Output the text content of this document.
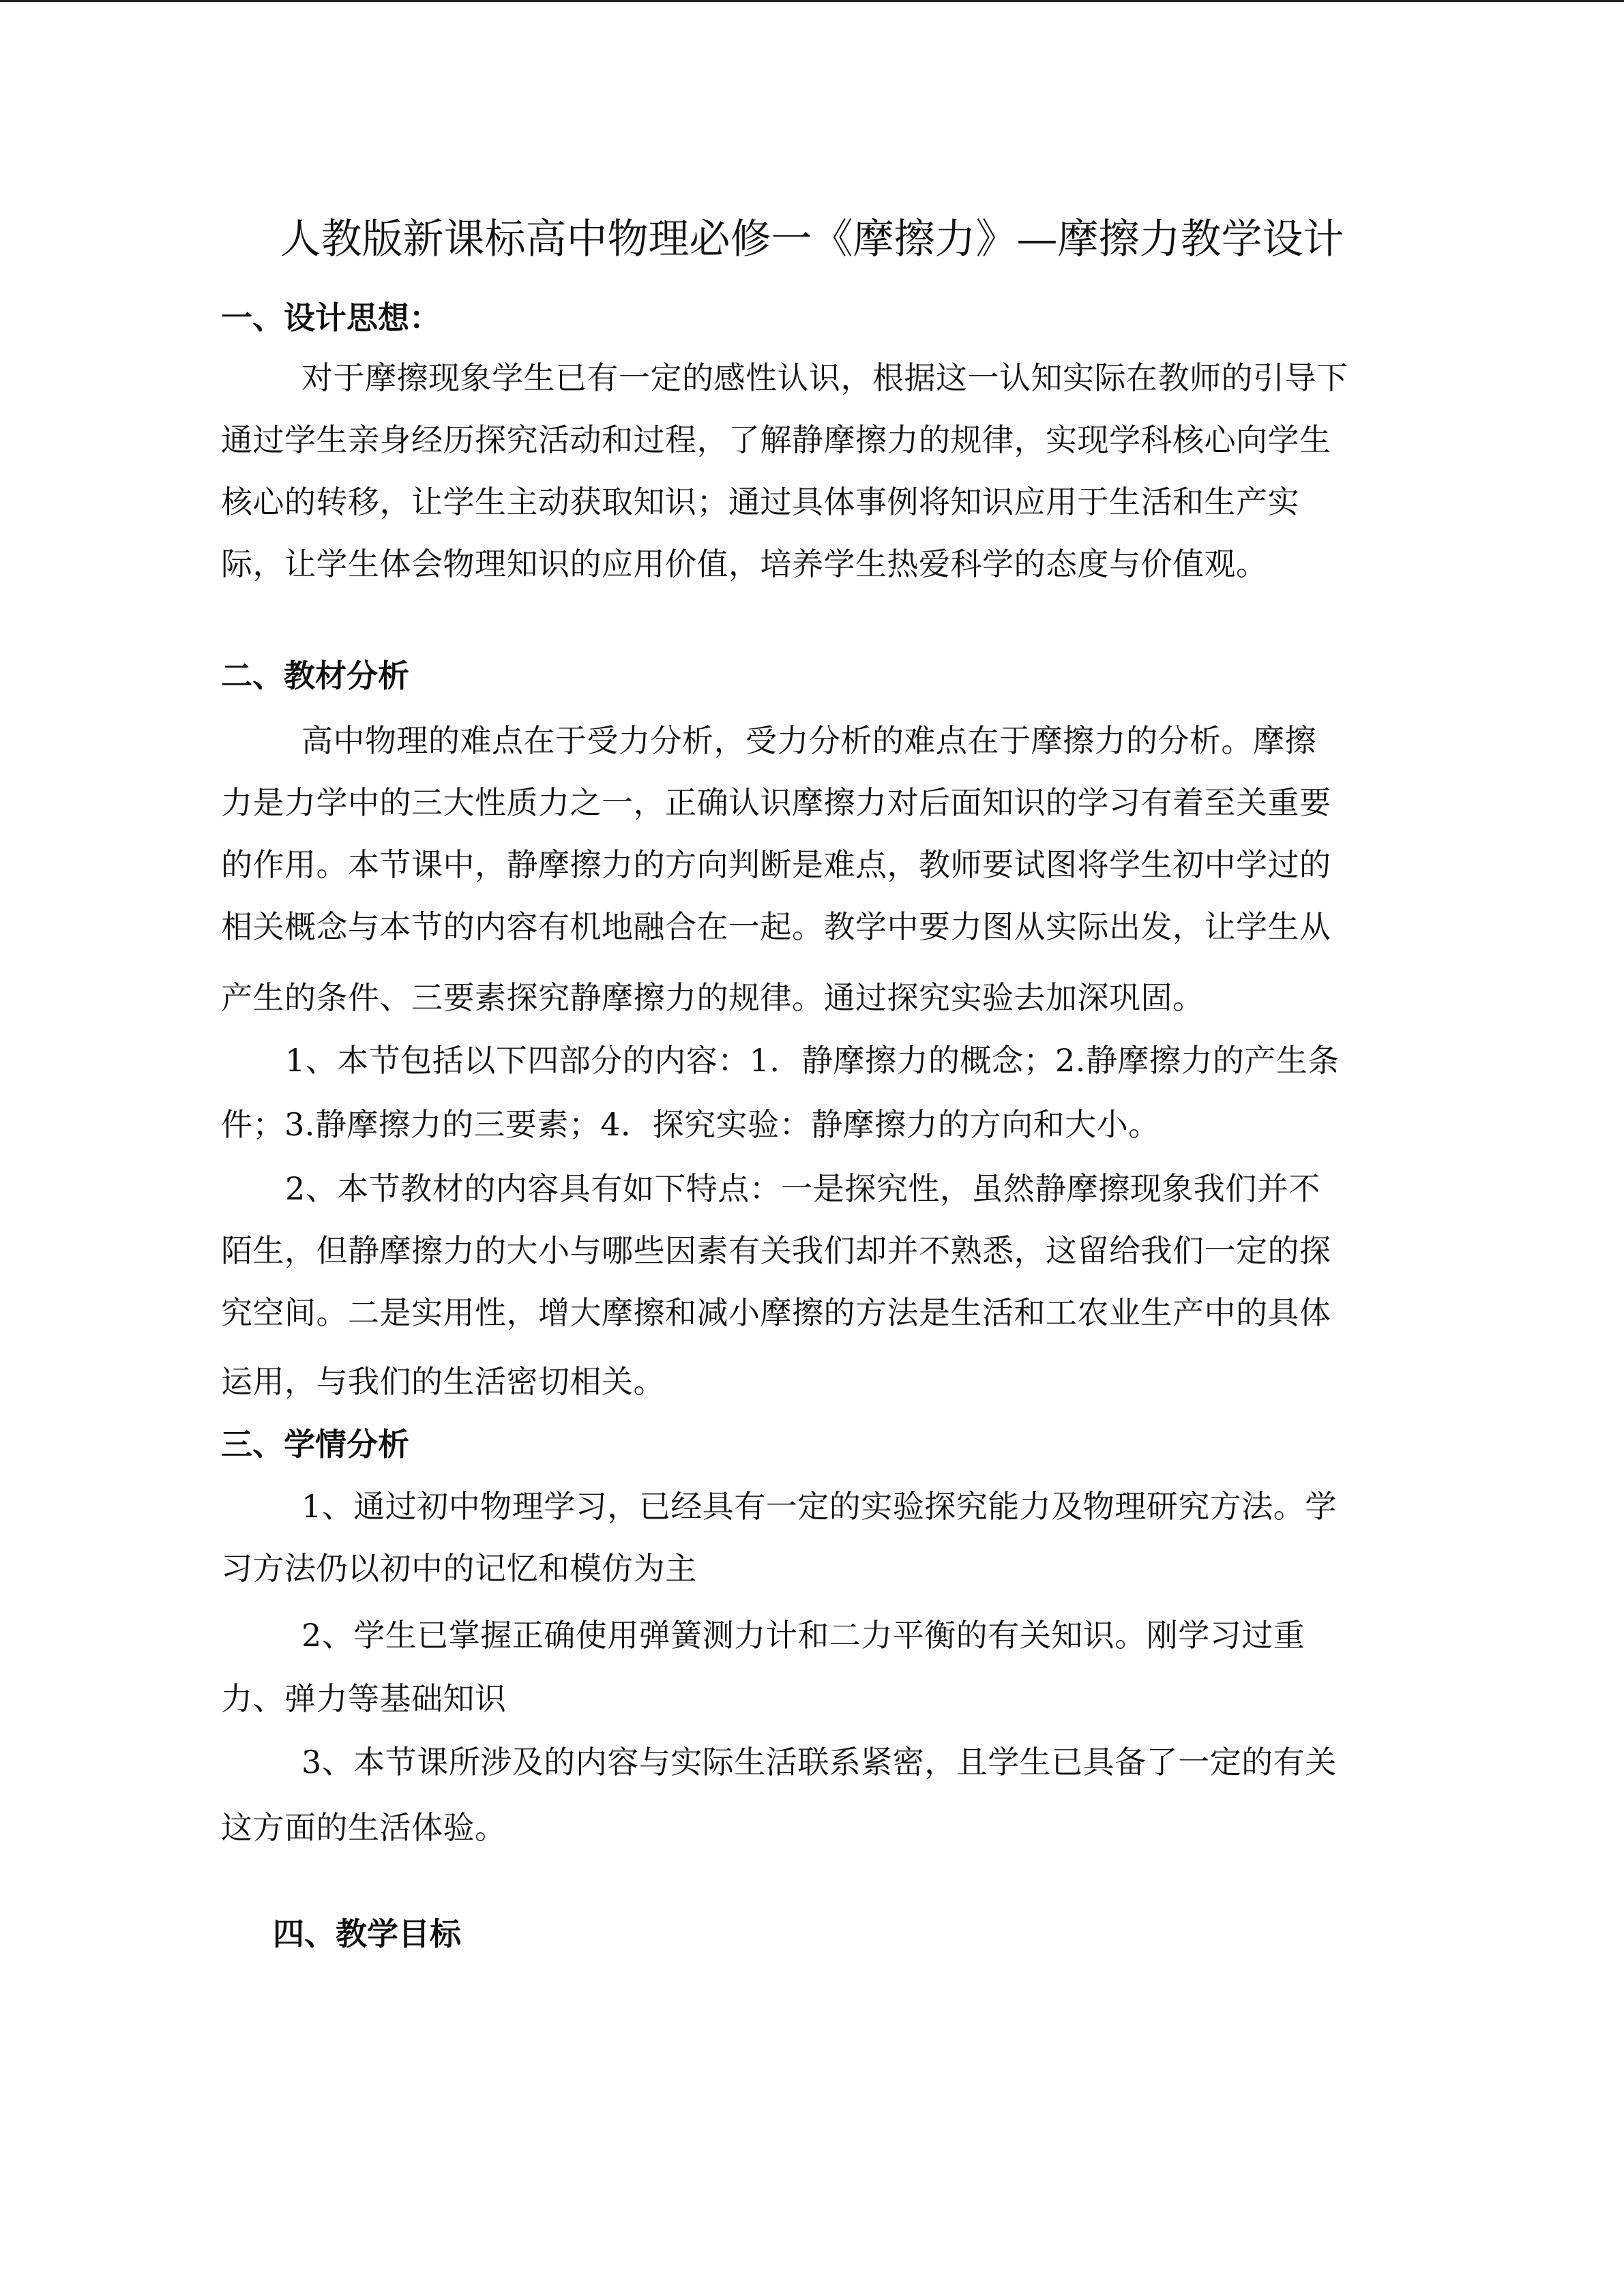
人教版新课标高中物理必修一《摩擦力》—摩擦力教学设计
一、设计思想：

对于摩擦现象学生已有一定的感性认识，根据这一认知实际在教师的引导下

通过学生亲身经历探究活动和过程，了解静摩擦力的规律，实现学科核心向学生

核心的转移，让学生主动获取知识；通过具体事例将知识应用于生活和生产实

际，让学生体会物理知识的应用价值，培养学生热爱科学的态度与价值观。

二、教材分析

高中物理的难点在于受力分析，受力分析的难点在于摩擦力的分析。摩擦

力是力学中的三大性质力之一，正确认识摩擦力对后面知识的学习有着至关重要

的作用。本节课中，静摩擦力的方向判断是难点，教师要试图将学生初中学过的

相关概念与本节的内容有机地融合在一起。教学中要力图从实际出发，让学生从

产生的条件、三要素探究静摩擦力的规律。通过探究实验去加深巩固。

1、本节包括以下四部分的内容：1．静摩擦力的概念；2.静摩擦力的产生条

件；3.静摩擦力的三要素；4．探究实验：静摩擦力的方向和大小。

2、本节教材的内容具有如下特点：一是探究性，虽然静摩擦现象我们并不

陌生，但静摩擦力的大小与哪些因素有关我们却并不熟悉，这留给我们一定的探

究空间。二是实用性，增大摩擦和减小摩擦的方法是生活和工农业生产中的具体

运用，与我们的生活密切相关。

三、学情分析

1、通过初中物理学习，已经具有一定的实验探究能力及物理研究方法。学

习方法仍以初中的记忆和模仿为主

2、学生已掌握正确使用弹簧测力计和二力平衡的有关知识。刚学习过重

力、弹力等基础知识

3、本节课所涉及的内容与实际生活联系紧密，且学生已具备了一定的有关

这方面的生活体验。

四、教学目标
